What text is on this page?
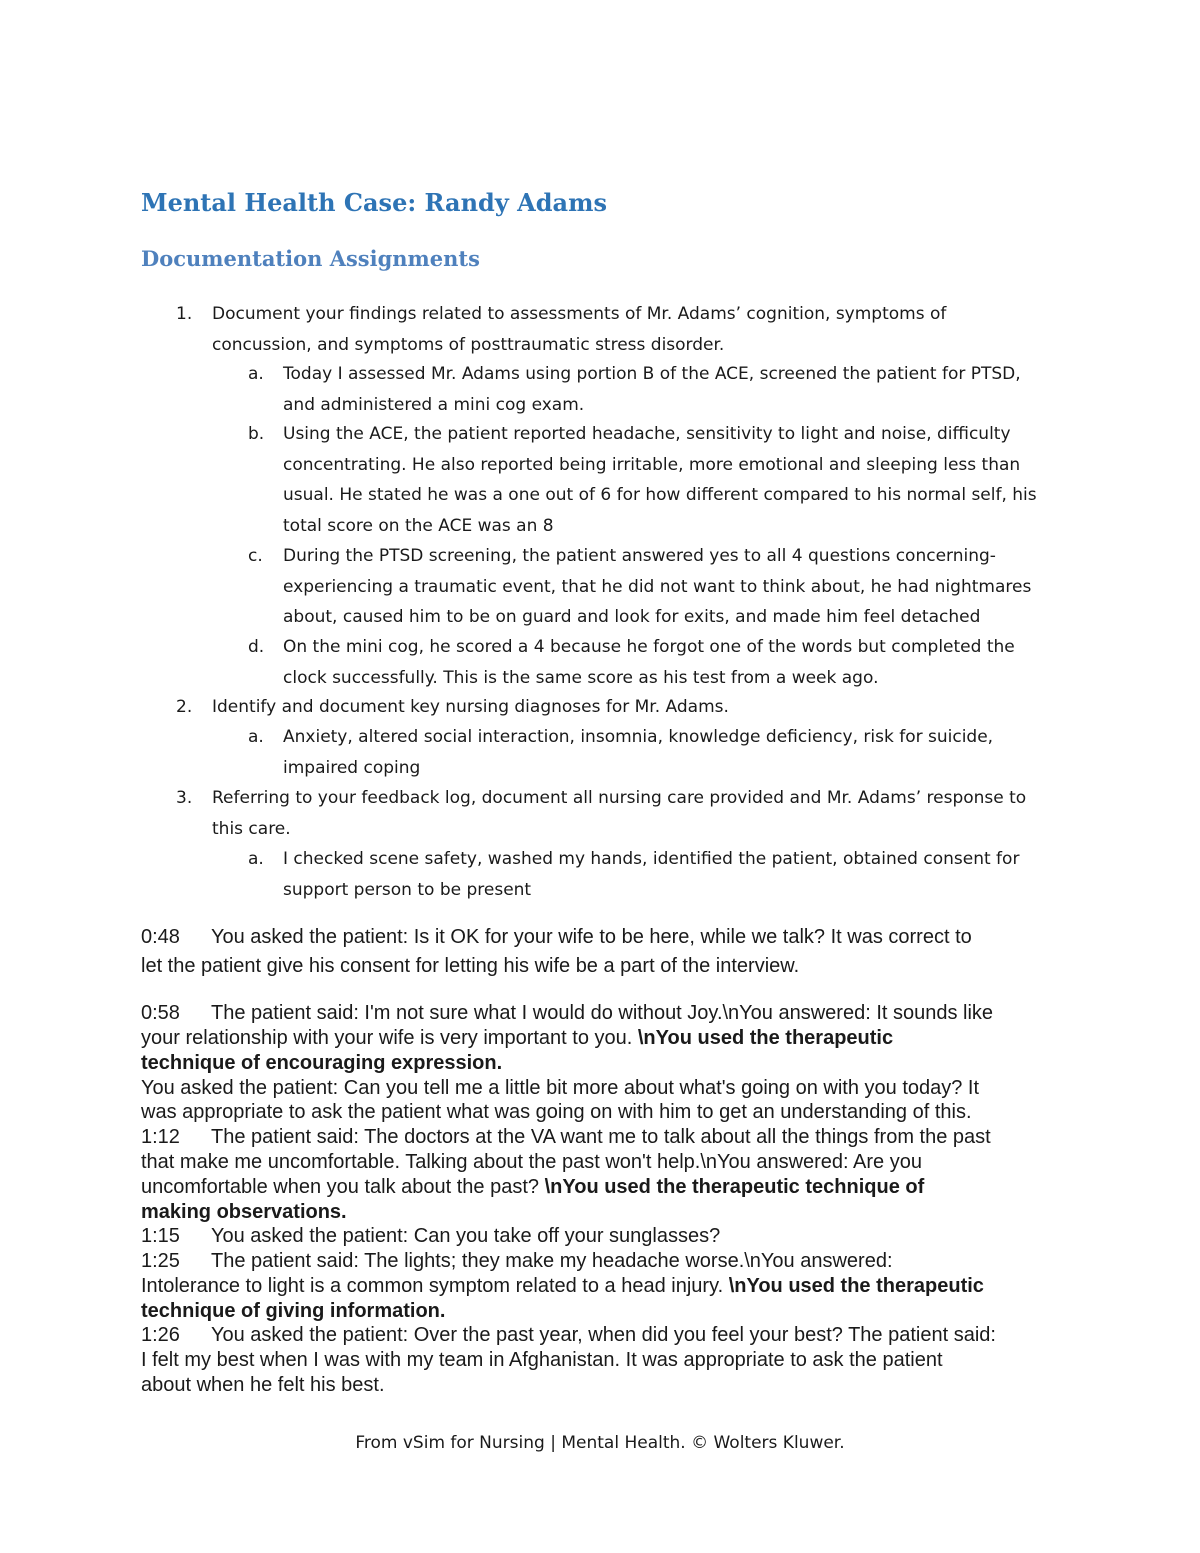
Mental Health Case: Randy Adams
Documentation Assignments
1.	Document your findings related to assessments of Mr. Adams’ cognition, symptoms of
concussion, and symptoms of posttraumatic stress disorder.
a. Today I assessed Mr. Adams using portion B of the ACE, screened the patient for PTSD,
and administered a mini cog exam.
b. Using the ACE, the patient reported headache, sensitivity to light and noise, difficulty
concentrating. He also reported being irritable, more emotional and sleeping less than
usual. He stated he was a one out of 6 for how different compared to his normal self, his
total score on the ACE was an 8
c. During the PTSD screening, the patient answered yes to all 4 questions concerning-
experiencing a traumatic event, that he did not want to think about, he had nightmares
about, caused him to be on guard and look for exits, and made him feel detached
d. On the mini cog, he scored a 4 because he forgot one of the words but completed the
clock successfully. This is the same score as his test from a week ago.
2.	Identify and document key nursing diagnoses for Mr. Adams.
a. Anxiety, altered social interaction, insomnia, knowledge deficiency, risk for suicide,
impaired coping
3.	Referring to your feedback log, document all nursing care provided and Mr. Adams’ response to
this care.
a. I checked scene safety, washed my hands, identified the patient, obtained consent for
support person to be present
0:48 You asked the patient: Is it OK for your wife to be here, while we talk? It was correct to
let the patient give his consent for letting his wife be a part of the interview.
0:58 The patient said: I'm not sure what I would do without Joy.\nYou answered: It sounds like
your relationship with your wife is very important to you. \nYou used the therapeutic
technique of encouraging expression.
You asked the patient: Can you tell me a little bit more about what's going on with you today? It
was appropriate to ask the patient what was going on with him to get an understanding of this.
1:12 The patient said: The doctors at the VA want me to talk about all the things from the past
that make me uncomfortable. Talking about the past won't help.\nYou answered: Are you
uncomfortable when you talk about the past? \nYou used the therapeutic technique of
making observations.
1:15 You asked the patient: Can you take off your sunglasses?
1:25 The patient said: The lights; they make my headache worse.\nYou answered:
Intolerance to light is a common symptom related to a head injury. \nYou used the therapeutic
technique of giving information.
1:26 You asked the patient: Over the past year, when did you feel your best? The patient said:
I felt my best when I was with my team in Afghanistan. It was appropriate to ask the patient
about when he felt his best.
From vSim for Nursing | Mental Health. © Wolters Kluwer.
